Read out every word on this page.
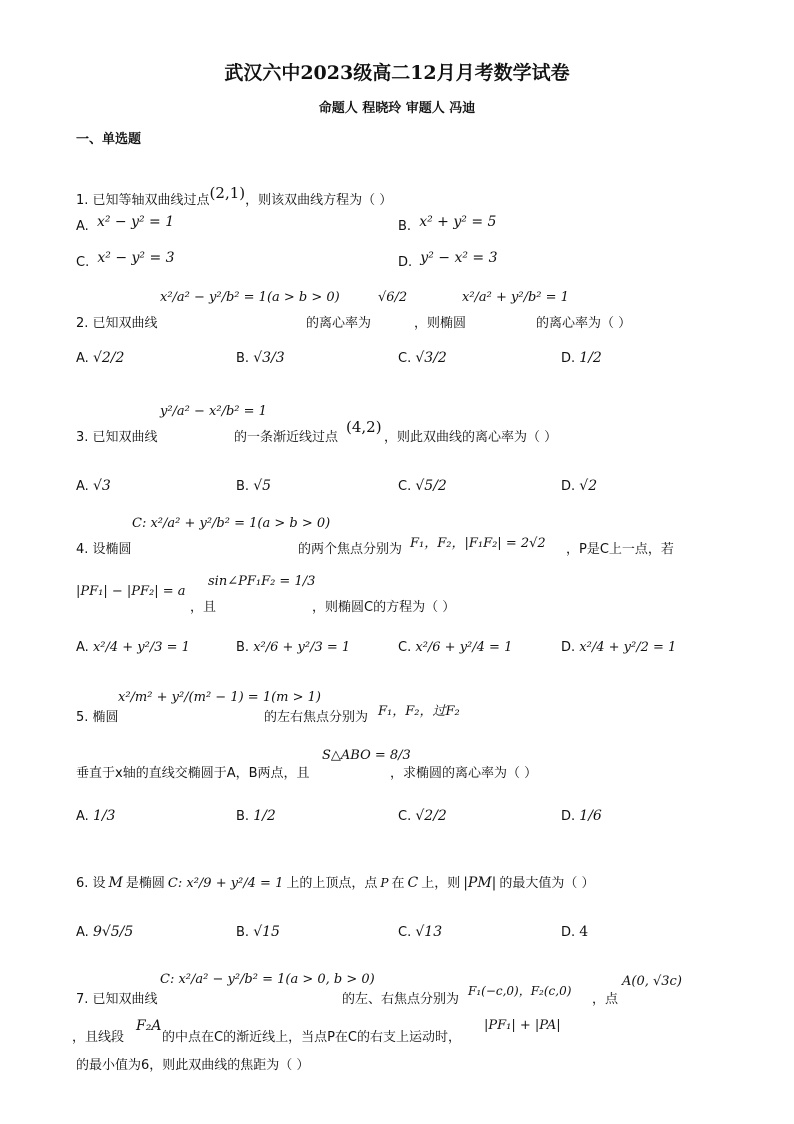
武汉六中2023级高二12月月考数学试卷
命题人 程晓玲 审题人 冯迪
一、单选题
1. 已知等轴双曲线过点(2,1)，则该双曲线方程为（ ）
A. x² − y² = 1	B. x² + y² = 5
C. x² − y² = 3	D. y² − x² = 3
2. 已知双曲线
x²/a² − y²/b² = 1(a > b > 0)
的离心率为
√6/2
，则椭圆
x²/a² + y²/b² = 1
的离心率为（ ）
A. √2/2	B. √3/3	C. √3/2	D. 1/2
3. 已知双曲线
y²/a² − x²/b² = 1
的一条渐近线过点
(4,2)
，则此双曲线的离心率为（ ）
A. √3	B. √5	C. √5/2	D. √2
4. 设椭圆
C: x²/a² + y²/b² = 1(a > b > 0)
的两个焦点分别为 F₁，F₂，|F₁F₂| = 2√2 ，P是C上一点，若
|PF₁| − |PF₂| = a
，且
sin∠PF₁F₂ = 1/3
，则椭圆C的方程为（ ）
A. x²/4 + y²/3 = 1	B. x²/6 + y²/3 = 1	C. x²/6 + y²/4 = 1	D. x²/4 + y²/2 = 1
5. 椭圆
x²/m² + y²/(m² − 1) = 1(m > 1)
的左右焦点分别为 F₁，F₂，过F₂
垂直于x轴的直线交椭圆于A，B两点，且
S△ABO = 8/3
，求椭圆的离心率为（ ）
A. 1/3	B. 1/2	C. √2/2	D. 1/6
6. 设 M 是椭圆 C: x²/9 + y²/4 = 1 上的上顶点，点 P 在 C 上，则 |PM| 的最大值为（ ）
A. 9√5/5	B. √15	C. √13	D. 4
7. 已知双曲线
C: x²/a² − y²/b² = 1(a > 0, b > 0)
的左、右焦点分别为
F₁(−c,0)，F₂(c,0)
，点
A(0, √3c)
，且线段
F₂A
的中点在C的渐近线上，当点P在C的右支上运动时，
|PF₁| + |PA|
的最小值为6，则此双曲线的焦距为（ ）
